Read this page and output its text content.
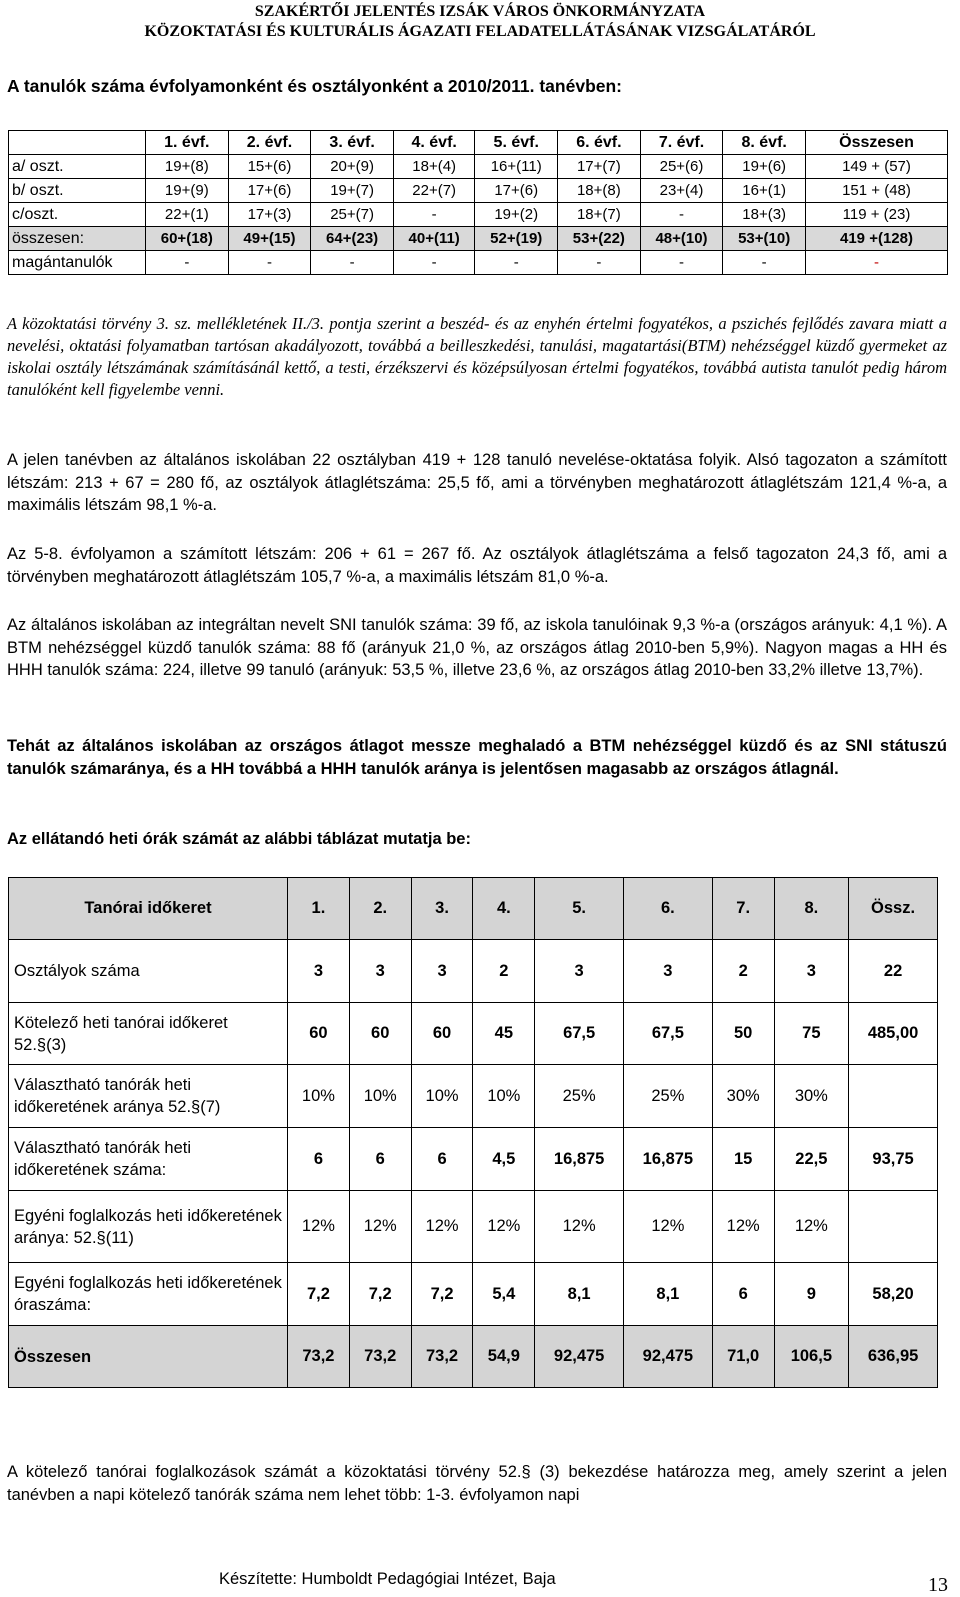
SZAKÉRTŐI JELENTÉS IZSÁK VÁROS ÖNKORMÁNYZATA
KÖZOKTATÁSI ÉS KULTURÁLIS ÁGAZATI FELADATELLÁTÁSÁNAK VIZSGÁLATÁRÓL
A tanulók száma évfolyamonként és osztályonként a 2010/2011. tanévben:
	1. évf.	2. évf.	3. évf.	4. évf.	5. évf.	6. évf.	7. évf.	8. évf.	Összesen
a/ oszt.	19+(8)	15+(6)	20+(9)	18+(4)	16+(11)	17+(7)	25+(6)	19+(6)	149 + (57)
b/ oszt.	19+(9)	17+(6)	19+(7)	22+(7)	17+(6)	18+(8)	23+(4)	16+(1)	151 + (48)
c/oszt.	22+(1)	17+(3)	25+(7)	-	19+(2)	18+(7)	-	18+(3)	119 + (23)
összesen:	60+(18)	49+(15)	64+(23)	40+(11)	52+(19)	53+(22)	48+(10)	53+(10)	419 +(128)
magántanulók	-	-	-	-	-	-	-	-	-
A közoktatási törvény 3. sz. mellékletének II./3. pontja szerint a beszéd- és az enyhén értelmi fogyatékos, a pszichés fejlődés zavara miatt a nevelési, oktatási folyamatban tartósan akadályozott, továbbá a beilleszkedési, tanulási, magatartási(BTM) nehézséggel küzdő gyermeket az iskolai osztály létszámának számításánál kettő, a testi, érzékszervi és középsúlyosan értelmi fogyatékos, továbbá autista tanulót pedig három tanulóként kell figyelembe venni.
A jelen tanévben az általános iskolában 22 osztályban 419 + 128 tanuló nevelése-oktatása folyik. Alsó tagozaton a számított létszám: 213 + 67 = 280 fő, az osztályok átlaglétszáma: 25,5 fő, ami a törvényben meghatározott átlaglétszám 121,4 %-a, a maximális létszám 98,1 %-a.
Az 5-8. évfolyamon a számított létszám: 206 + 61 = 267 fő. Az osztályok átlaglétszáma a felső tagozaton 24,3 fő, ami a törvényben meghatározott átlaglétszám 105,7 %-a, a maximális létszám 81,0 %-a.
Az általános iskolában az integráltan nevelt SNI tanulók száma: 39 fő, az iskola tanulóinak 9,3 %-a (országos arányuk: 4,1 %). A BTM nehézséggel küzdő tanulók száma: 88 fő (arányuk 21,0 %, az országos átlag 2010-ben 5,9%). Nagyon magas a HH és HHH tanulók száma: 224, illetve 99 tanuló (arányuk: 53,5 %, illetve 23,6 %, az országos átlag 2010-ben 33,2% illetve 13,7%).
Tehát az általános iskolában az országos átlagot messze meghaladó a BTM nehézséggel küzdő és az SNI státuszú tanulók számaránya, és a HH továbbá a HHH tanulók aránya is jelentősen magasabb az országos átlagnál.
Az ellátandó heti órák számát az alábbi táblázat mutatja be:
Tanórai időkeret	1.	2.	3.	4.	5.	6.	7.	8.	Össz.
Osztályok száma	3	3	3	2	3	3	2	3	22
Kötelező heti tanórai időkeret 52.§(3)	60	60	60	45	67,5	67,5	50	75	485,00
Választható tanórák heti időkeretének aránya 52.§(7)	10%	10%	10%	10%	25%	25%	30%	30%	
Választható tanórák heti időkeretének száma:	6	6	6	4,5	16,875	16,875	15	22,5	93,75
Egyéni foglalkozás heti időkeretének aránya: 52.§(11)	12%	12%	12%	12%	12%	12%	12%	12%	
Egyéni foglalkozás heti időkeretének óraszáma:	7,2	7,2	7,2	5,4	8,1	8,1	6	9	58,20
Összesen	73,2	73,2	73,2	54,9	92,475	92,475	71,0	106,5	636,95
A kötelező tanórai foglalkozások számát a közoktatási törvény 52.§ (3) bekezdése határozza meg, amely szerint a jelen tanévben a napi kötelező tanórák száma nem lehet több: 1-3. évfolyamon napi
Készítette: Humboldt Pedagógiai Intézet, Baja	13
